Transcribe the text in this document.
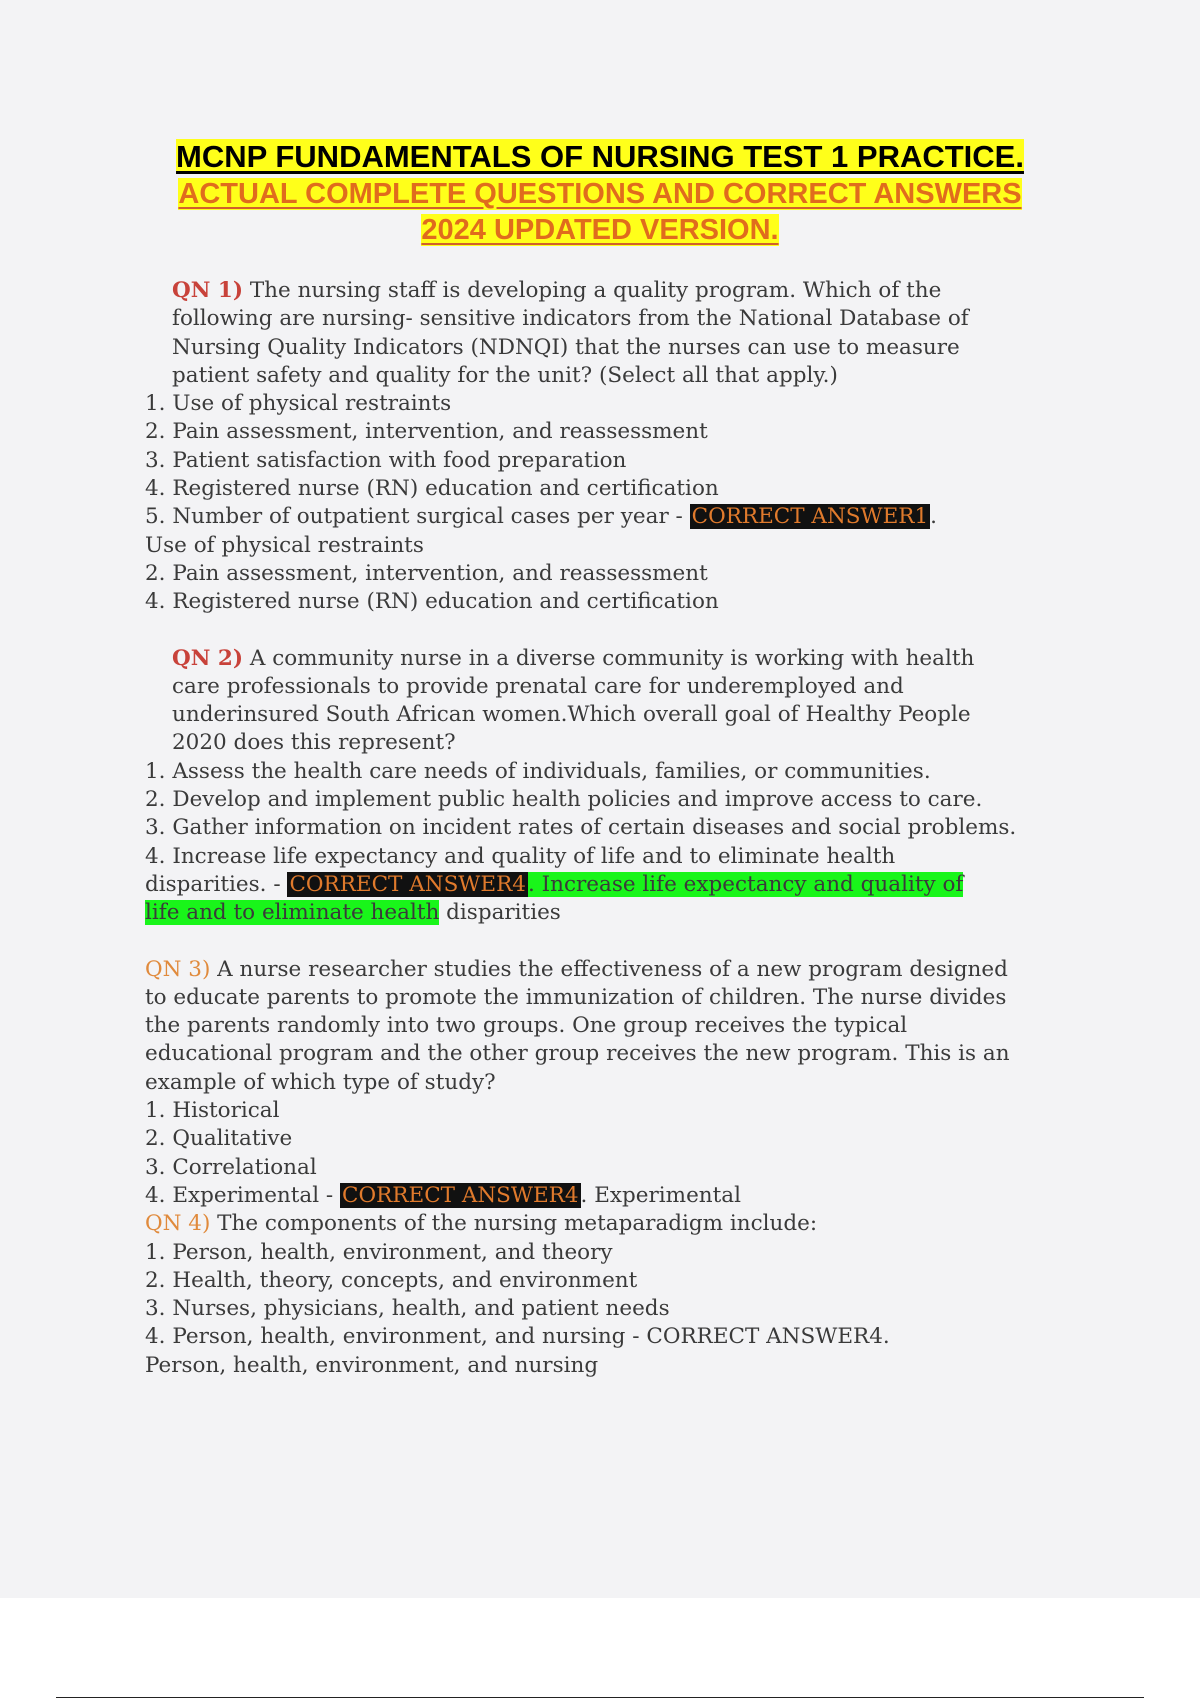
MCNP FUNDAMENTALS OF NURSING TEST 1 PRACTICE.
ACTUAL COMPLETE QUESTIONS AND CORRECT ANSWERS
2024 UPDATED VERSION.
QN 1) The nursing staff is developing a quality program. Which of the
following are nursing- sensitive indicators from the National Database of
Nursing Quality Indicators (NDNQI) that the nurses can use to measure
patient safety and quality for the unit? (Select all that apply.)
1. Use of physical restraints
2. Pain assessment, intervention, and reassessment
3. Patient satisfaction with food preparation
4. Registered nurse (RN) education and certification
5. Number of outpatient surgical cases per year - CORRECT ANSWER1.
Use of physical restraints
2. Pain assessment, intervention, and reassessment
4. Registered nurse (RN) education and certification
QN 2) A community nurse in a diverse community is working with health
care professionals to provide prenatal care for underemployed and
underinsured South African women.Which overall goal of Healthy People
2020 does this represent?
1. Assess the health care needs of individuals, families, or communities.
2. Develop and implement public health policies and improve access to care.
3. Gather information on incident rates of certain diseases and social problems.
4. Increase life expectancy and quality of life and to eliminate health
disparities. - CORRECT ANSWER4. Increase life expectancy and quality of
life and to eliminate health disparities
QN 3) A nurse researcher studies the effectiveness of a new program designed
to educate parents to promote the immunization of children. The nurse divides
the parents randomly into two groups. One group receives the typical
educational program and the other group receives the new program. This is an
example of which type of study?
1. Historical
2. Qualitative
3. Correlational
4. Experimental - CORRECT ANSWER4. Experimental
QN 4) The components of the nursing metaparadigm include:
1. Person, health, environment, and theory
2. Health, theory, concepts, and environment
3. Nurses, physicians, health, and patient needs
4. Person, health, environment, and nursing - CORRECT ANSWER4.
Person, health, environment, and nursing
